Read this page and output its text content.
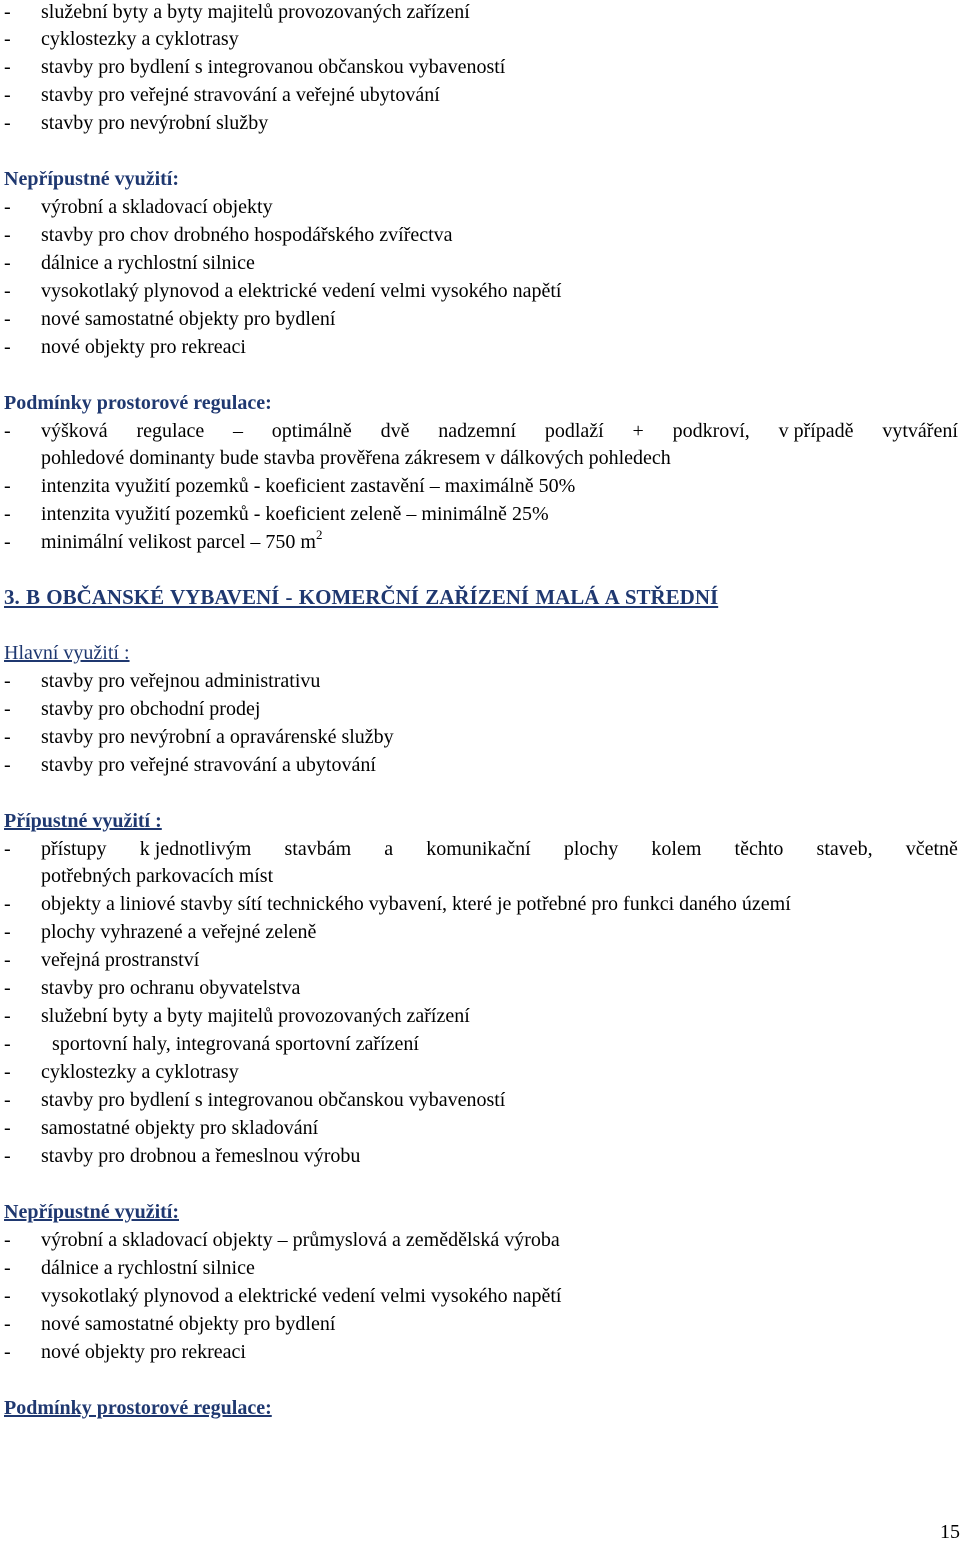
- služební byty a byty majitelů provozovaných zařízení
- cyklostezky a cyklotrasy
- stavby pro bydlení s integrovanou občanskou vybaveností
- stavby pro veřejné stravování a veřejné ubytování
- stavby pro nevýrobní služby
Nepřípustné využití:
- výrobní a skladovací objekty
- stavby pro chov drobného hospodářského zvířectva
- dálnice a rychlostní silnice
- vysokotlaký plynovod a elektrické vedení velmi vysokého napětí
- nové samostatné objekty pro bydlení
- nové objekty pro rekreaci
Podmínky prostorové regulace:
- výšková regulace – optimálně dvě nadzemní podlaží + podkroví, v případě vytváření
pohledové dominanty bude stavba prověřena zákresem v dálkových pohledech
- intenzita využití pozemků - koeficient zastavění – maximálně 50%
- intenzita využití pozemků - koeficient zeleně – minimálně 25%
- minimální velikost parcel – 750 $m^2$
3. B OBČANSKÉ VYBAVENÍ - KOMERČNÍ ZAŘÍZENÍ MALÁ A STŘEDNÍ
Hlavní využití :
- stavby pro veřejnou administrativu
- stavby pro obchodní prodej
- stavby pro nevýrobní a opravárenské služby
- stavby pro veřejné stravování a ubytování
Přípustné využití :
- přístupy k jednotlivým stavbám a komunikační plochy kolem těchto staveb, včetně
potřebných parkovacích míst
- objekty a liniové stavby sítí technického vybavení, které je potřebné pro funkci daného území
- plochy vyhrazené a veřejné zeleně
- veřejná prostranství
- stavby pro ochranu obyvatelstva
- služební byty a byty majitelů provozovaných zařízení
- sportovní haly, integrovaná sportovní zařízení
- cyklostezky a cyklotrasy
- stavby pro bydlení s integrovanou občanskou vybaveností
- samostatné objekty pro skladování
- stavby pro drobnou a řemeslnou výrobu
Nepřípustné využití:
- výrobní a skladovací objekty – průmyslová a zemědělská výroba
- dálnice a rychlostní silnice
- vysokotlaký plynovod a elektrické vedení velmi vysokého napětí
- nové samostatné objekty pro bydlení
- nové objekty pro rekreaci
Podmínky prostorové regulace:
15
